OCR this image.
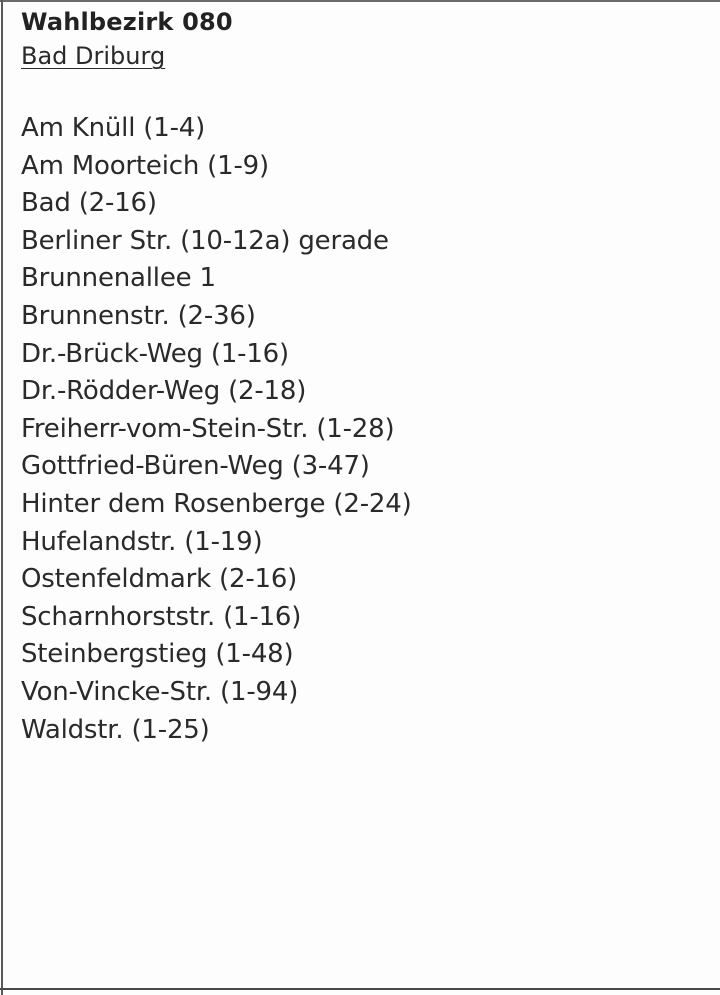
Wahlbezirk 080
Bad Driburg
Am Knüll (1-4)
Am Moorteich (1-9)
Bad (2-16)
Berliner Str. (10-12a) gerade
Brunnenallee 1
Brunnenstr. (2-36)
Dr.-Brück-Weg (1-16)
Dr.-Rödder-Weg (2-18)
Freiherr-vom-Stein-Str. (1-28)
Gottfried-Büren-Weg (3-47)
Hinter dem Rosenberge (2-24)
Hufelandstr. (1-19)
Ostenfeldmark (2-16)
Scharnhorststr. (1-16)
Steinbergstieg (1-48)
Von-Vincke-Str. (1-94)
Waldstr. (1-25)
